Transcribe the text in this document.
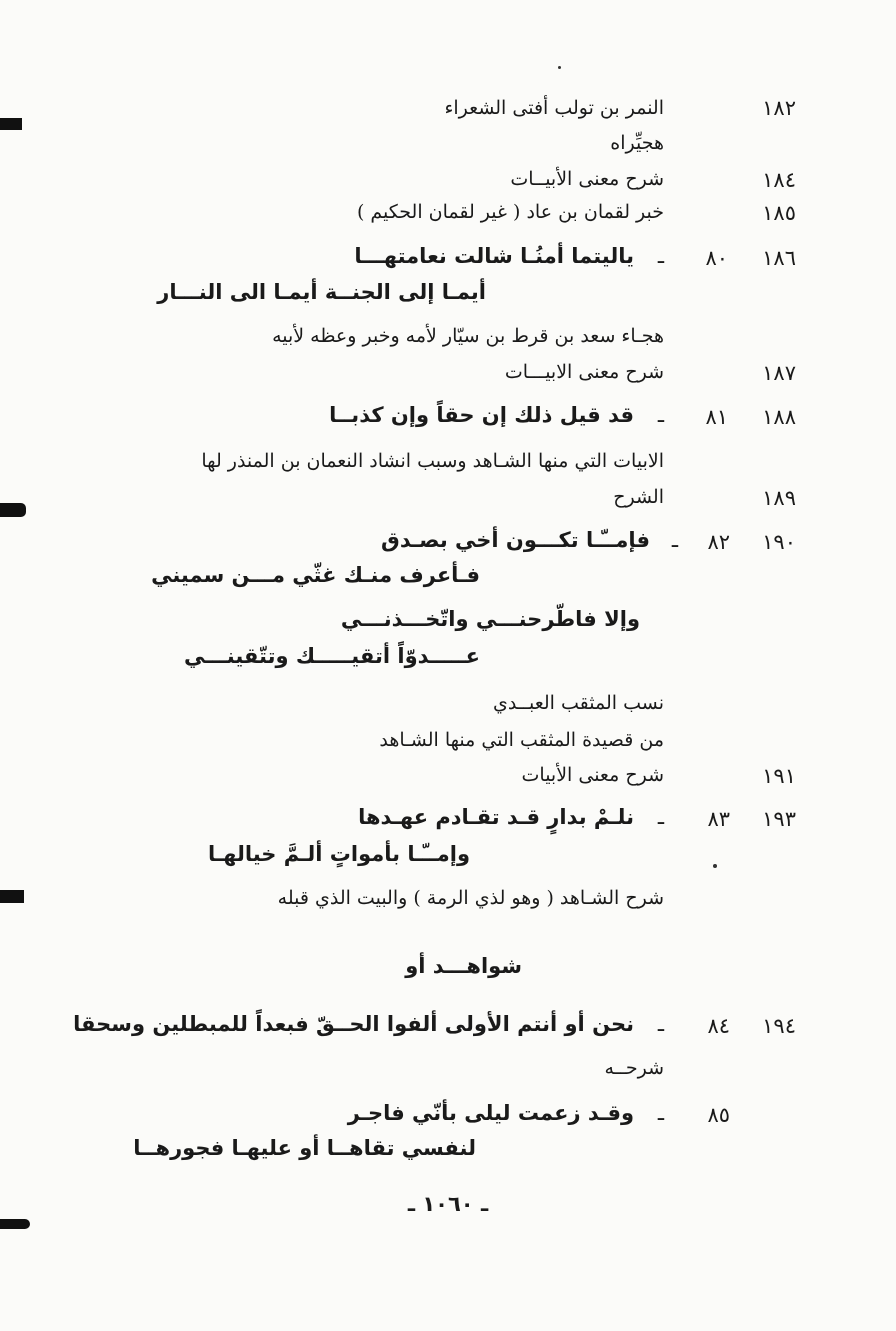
١٨٢
النمر بن تولب أفتى الشعراء
هجيِّراه
١٨٤
شرح معنى الأبيــات
١٨٥
خبر لقمان بن عاد ( غير لقمان الحكيم )
١٨٦
٨٠
ـ
ياليتما أمنُـا شالت نعامتهـــا
أيمـا إلى الجنــة أيمـا الى النـــار
هجـاء سعد بن قرط بن سيّار لأمه وخبر وعظه لأبيه
١٨٧
شرح معنى الابيـــات
١٨٨
٨١
ـ
قد قيل ذلك إن حقاً وإن كذبــا
الابيات التي منها الشـاهد وسبب انشاد النعمان بن المنذر لها
١٨٩
الشرح
١٩٠
٨٢
ـ
فإمــّـا تكـــون أخي بصـدق
فـأعرف منـك غثّي مـــن سميني
وإلا فاطّرحنـــي واتّخـــذنـــي
عـــــدوّاً أتقيـــــك وتتّقينـــي
نسب المثقب العبــدي
من قصيدة المثقب التي منها الشـاهد
١٩١
شرح معنى الأبيات
١٩٣
٨٣
ـ
نلـمْ بدارٍ قـد تقـادم عهـدها
وإمــّـا بأمواتٍ ألـمَّ خيالهـا
شرح الشـاهد ( وهو لذي الرمة ) والبيت الذي قبله
شواهـــد أو
١٩٤
٨٤
ـ
نحن أو أنتم الأولى ألفوا الحــقّ فبعداً للمبطلين وسحقا
شرحــه
٨٥
ـ
وقـد زعمت ليلى بأنّي فاجـر
لنفسي تقاهــا أو عليهـا فجورهــا
ـ ١٠٦٠ ـ
